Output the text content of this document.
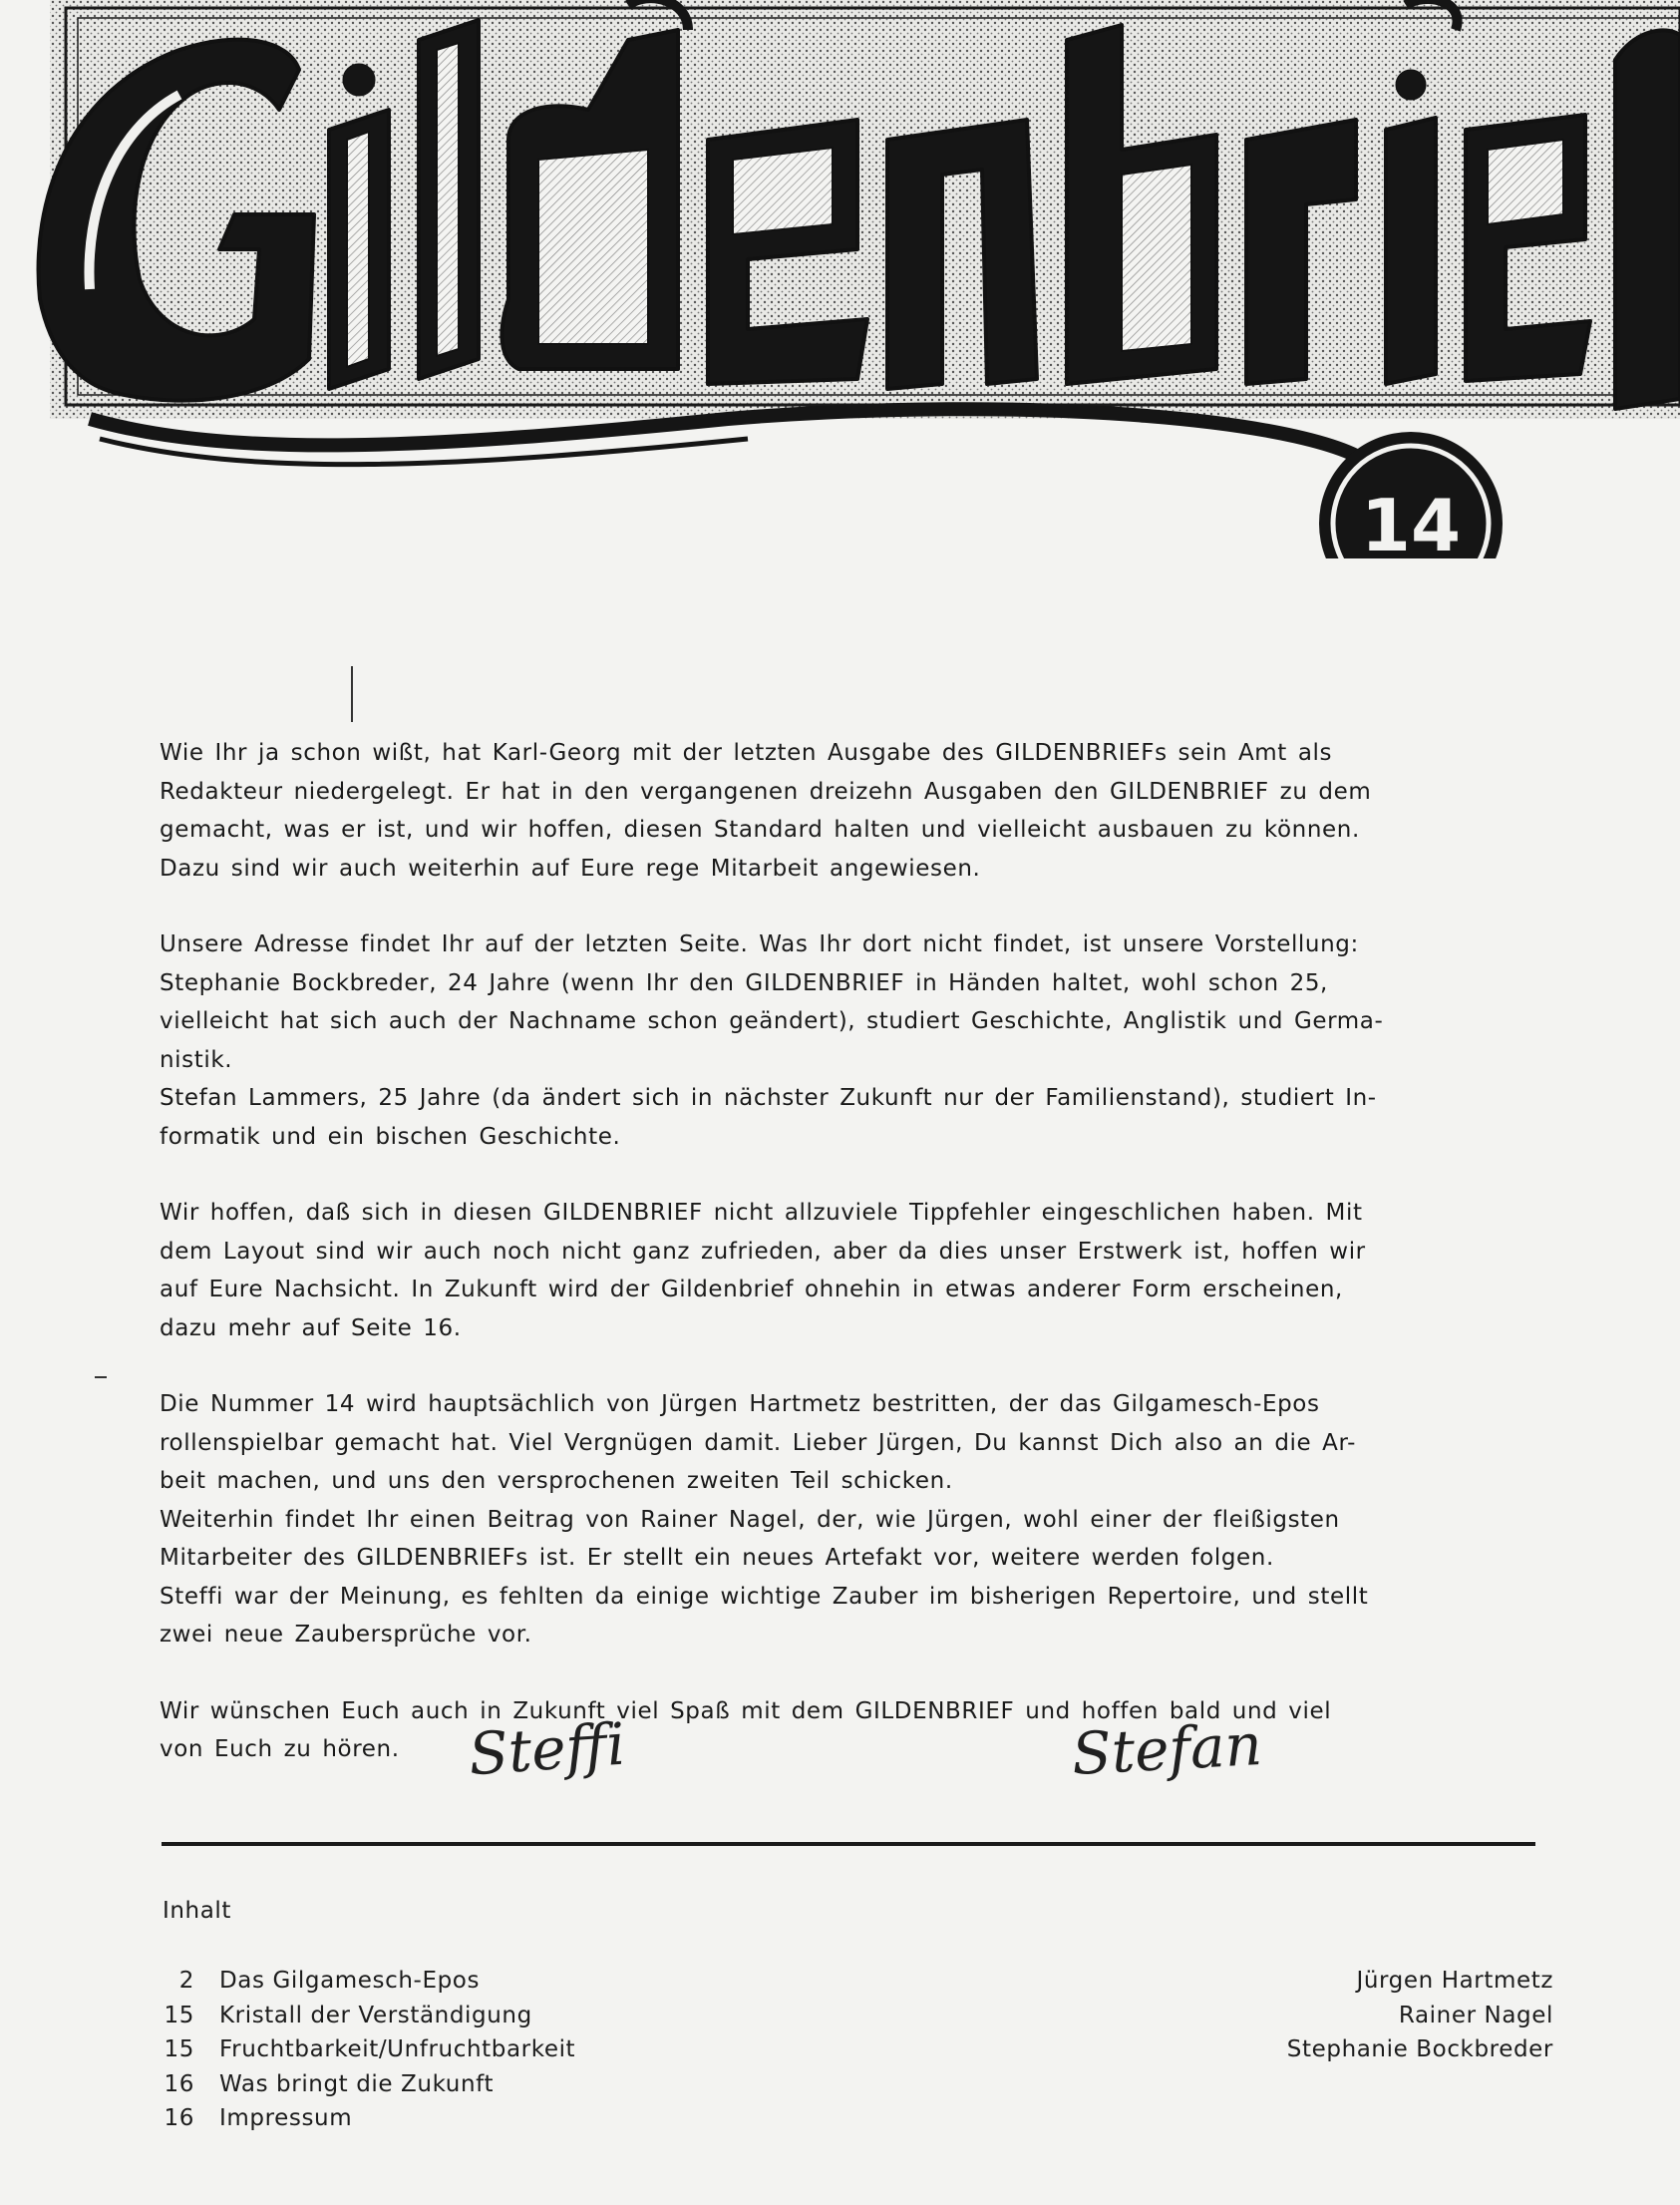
14

Wie Ihr ja schon wißt, hat Karl-Georg mit der letzten Ausgabe des GILDENBRIEFs sein Amt als
Redakteur niedergelegt. Er hat in den vergangenen dreizehn Ausgaben den GILDENBRIEF zu dem
gemacht, was er ist, und wir hoffen, diesen Standard halten und vielleicht ausbauen zu können.
Dazu sind wir auch weiterhin auf Eure rege Mitarbeit angewiesen.

Unsere Adresse findet Ihr auf der letzten Seite. Was Ihr dort nicht findet, ist unsere Vorstellung:
Stephanie Bockbreder, 24 Jahre (wenn Ihr den GILDENBRIEF in Händen haltet, wohl schon 25,
vielleicht hat sich auch der Nachname schon geändert), studiert Geschichte, Anglistik und Germa-
nistik.
Stefan Lammers, 25 Jahre (da ändert sich in nächster Zukunft nur der Familienstand), studiert In-
formatik und ein bischen Geschichte.

Wir hoffen, daß sich in diesen GILDENBRIEF nicht allzuviele Tippfehler eingeschlichen haben. Mit
dem Layout sind wir auch noch nicht ganz zufrieden, aber da dies unser Erstwerk ist, hoffen wir
auf Eure Nachsicht. In Zukunft wird der Gildenbrief ohnehin in etwas anderer Form erscheinen,
dazu mehr auf Seite 16.

Die Nummer 14 wird hauptsächlich von Jürgen Hartmetz bestritten, der das Gilgamesch-Epos
rollenspielbar gemacht hat. Viel Vergnügen damit. Lieber Jürgen, Du kannst Dich also an die Ar-
beit machen, und uns den versprochenen zweiten Teil schicken.
Weiterhin findet Ihr einen Beitrag von Rainer Nagel, der, wie Jürgen, wohl einer der fleißigsten
Mitarbeiter des GILDENBRIEFs ist. Er stellt ein neues Artefakt vor, weitere werden folgen.
Steffi war der Meinung, es fehlten da einige wichtige Zauber im bisherigen Repertoire, und stellt
zwei neue Zaubersprüche vor.

Wir wünschen Euch auch in Zukunft viel Spaß mit dem GILDENBRIEF und hoffen bald und viel
von Euch zu hören.	Steffi	Stefan
Inhalt
2 Das Gilgamesch-Epos	Jürgen Hartmetz
15 Kristall der Verständigung	Rainer Nagel
15 Fruchtbarkeit/Unfruchtbarkeit	Stephanie Bockbreder
16 Was bringt die Zukunft
16 Impressum
